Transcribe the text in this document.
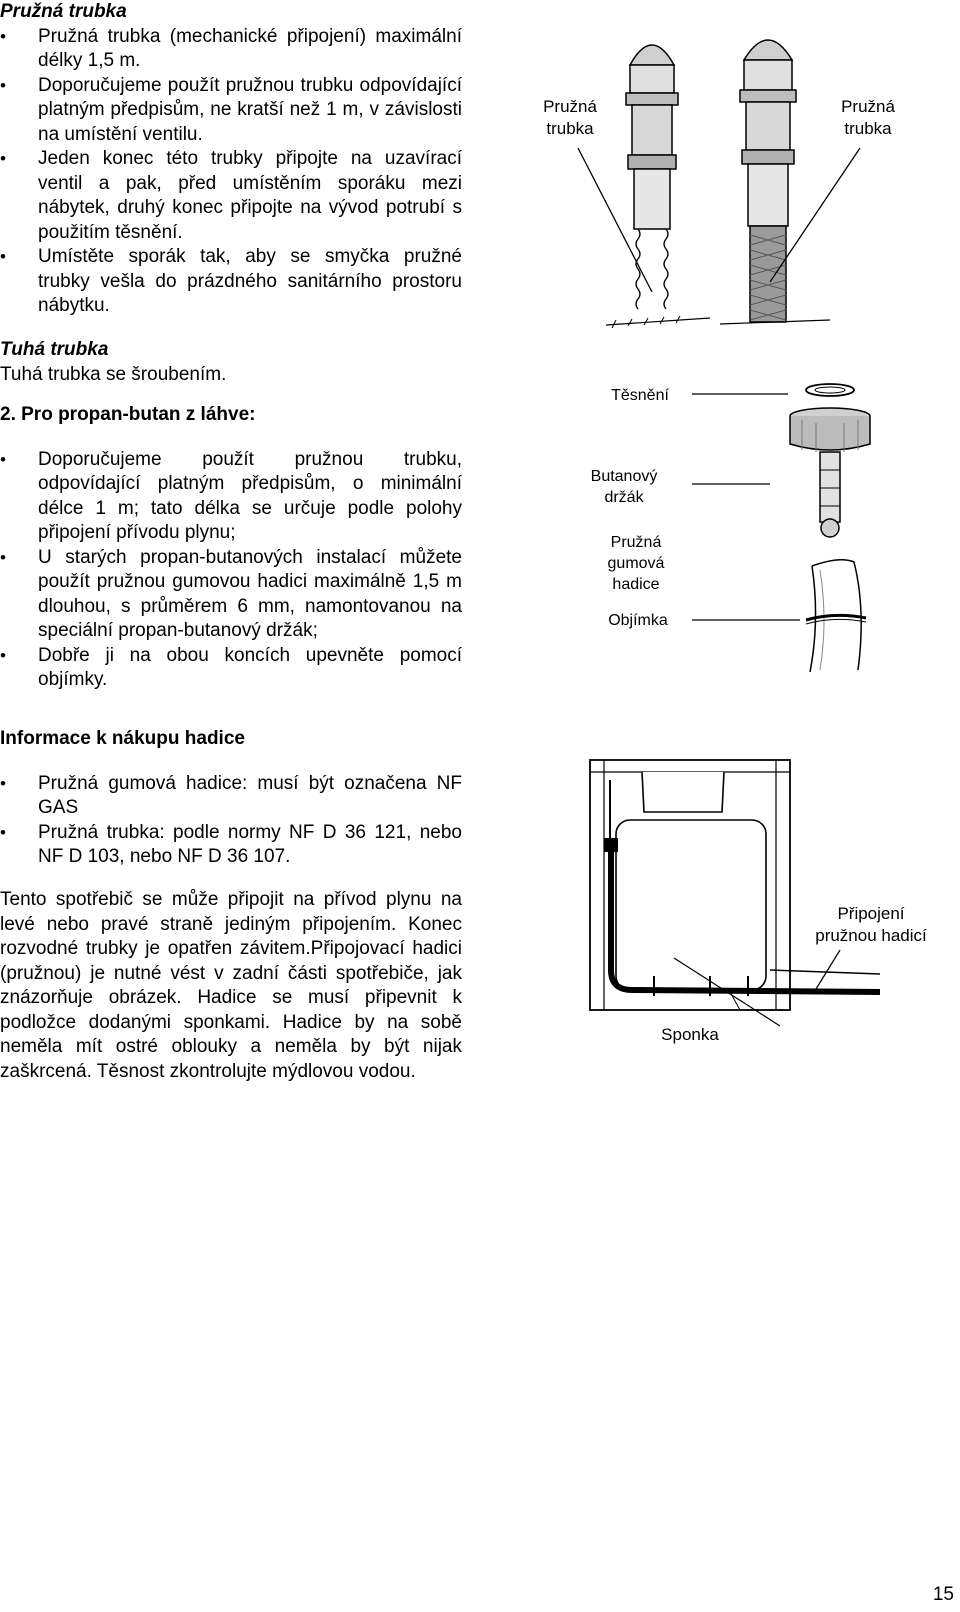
Pružná trubka
• Pružná trubka (mechanické připojení) maximální délky 1,5 m.
• Doporučujeme použít pružnou trubku odpovídající platným předpisům, ne kratší než 1 m, v závislosti na umístění ventilu.
• Jeden konec této trubky připojte na uzavírací ventil a pak, před umístěním sporáku mezi nábytek, druhý konec připojte na vývod potrubí s použitím těsnění.
• Umístěte sporák tak, aby se smyčka pružné trubky vešla do prázdného sanitárního prostoru nábytku.
Tuhá trubka
Tuhá trubka se šroubením.
2. Pro propan-butan z láhve:
• Doporučujeme použít pružnou trubku, odpovídající platným předpisům, o minimální délce 1 m; tato délka se určuje podle polohy připojení přívodu plynu;
• U starých propan-butanových instalací můžete použít pružnou gumovou hadici maximálně 1,5 m dlouhou, s průměrem 6 mm, namontovanou na speciální propan-butanový držák;
• Dobře ji na obou koncích upevněte pomocí objímky.
Informace k nákupu hadice
• Pružná gumová hadice: musí být označena NF GAS
• Pružná trubka: podle normy NF D 36 121, nebo NF D 103, nebo NF D 36 107.
Tento spotřebič se může připojit na přívod plynu na levé nebo pravé straně jediným připojením. Konec rozvodné trubky je opatřen závitem.Připojovací hadici (pružnou) je nutné vést v zadní části spotřebiče, jak znázorňuje obrázek. Hadice se musí připevnit k podložce dodanými sponkami. Hadice by na sobě neměla mít ostré oblouky a neměla by být nijak zaškrcená. Těsnost zkontrolujte mýdlovou vodou.
Pružná
trubka
Pružná
trubka
Těsnění
Butanový
držák
Pružná
gumová
hadice
Objímka
Připojení
pružnou hadicí
Sponka
15
